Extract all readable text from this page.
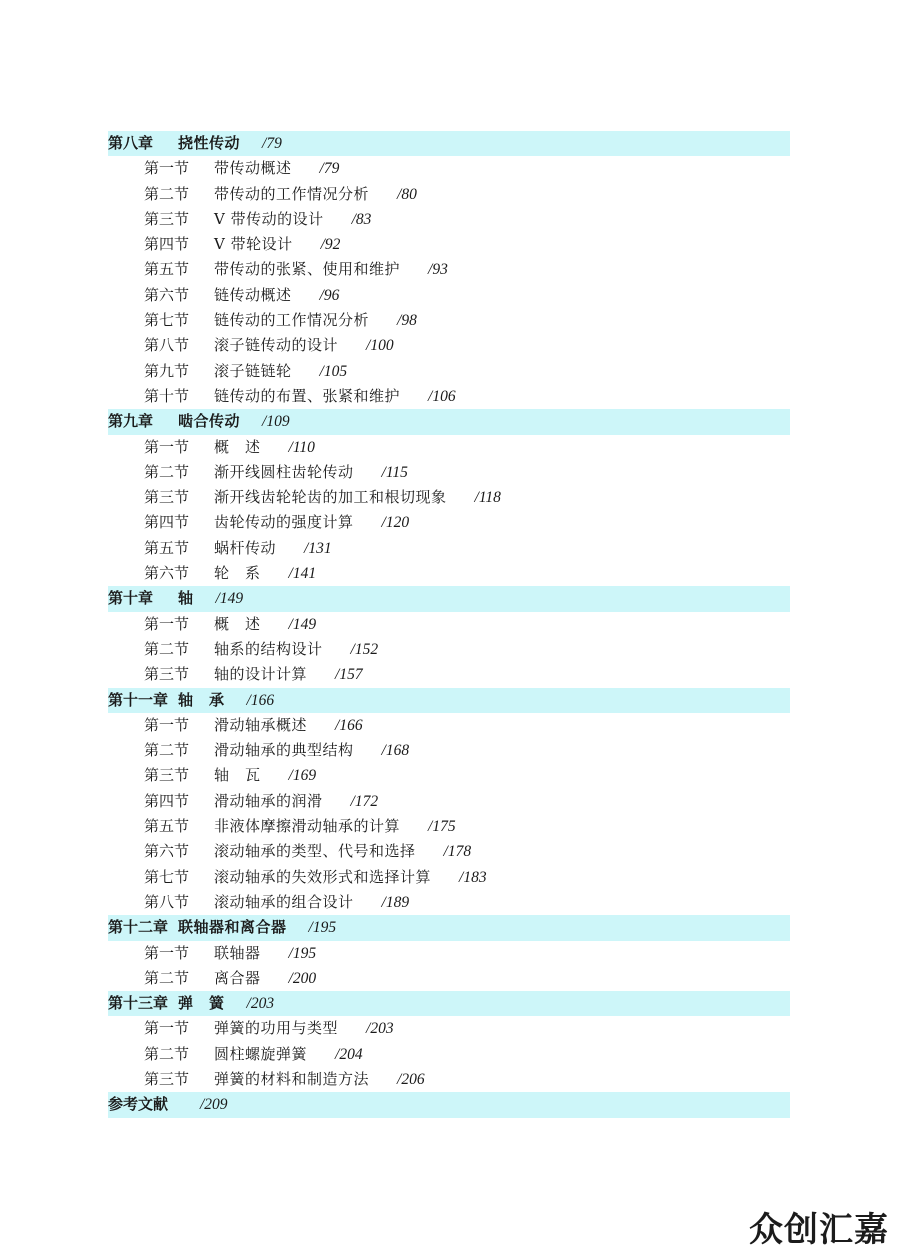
第八章 挠性传动 /79
第一节 带传动概述 /79
第二节 带传动的工作情况分析 /80
第三节 V 带传动的设计 /83
第四节 V 带轮设计 /92
第五节 带传动的张紧、使用和维护 /93
第六节 链传动概述 /96
第七节 链传动的工作情况分析 /98
第八节 滚子链传动的设计 /100
第九节 滚子链链轮 /105
第十节 链传动的布置、张紧和维护 /106
第九章 啮合传动 /109
第一节 概　述 /110
第二节 渐开线圆柱齿轮传动 /115
第三节 渐开线齿轮轮齿的加工和根切现象 /118
第四节 齿轮传动的强度计算 /120
第五节 蜗杆传动 /131
第六节 轮　系 /141
第十章 轴 /149
第一节 概　述 /149
第二节 轴系的结构设计 /152
第三节 轴的设计计算 /157
第十一章 轴　承 /166
第一节 滑动轴承概述 /166
第二节 滑动轴承的典型结构 /168
第三节 轴　瓦 /169
第四节 滑动轴承的润滑 /172
第五节 非液体摩擦滑动轴承的计算 /175
第六节 滚动轴承的类型、代号和选择 /178
第七节 滚动轴承的失效形式和选择计算 /183
第八节 滚动轴承的组合设计 /189
第十二章 联轴器和离合器 /195
第一节 联轴器 /195
第二节 离合器 /200
第十三章 弹　簧 /203
第一节 弹簧的功用与类型 /203
第二节 圆柱螺旋弹簧 /204
第三节 弹簧的材料和制造方法 /206
参考文献 /209
众创汇嘉
